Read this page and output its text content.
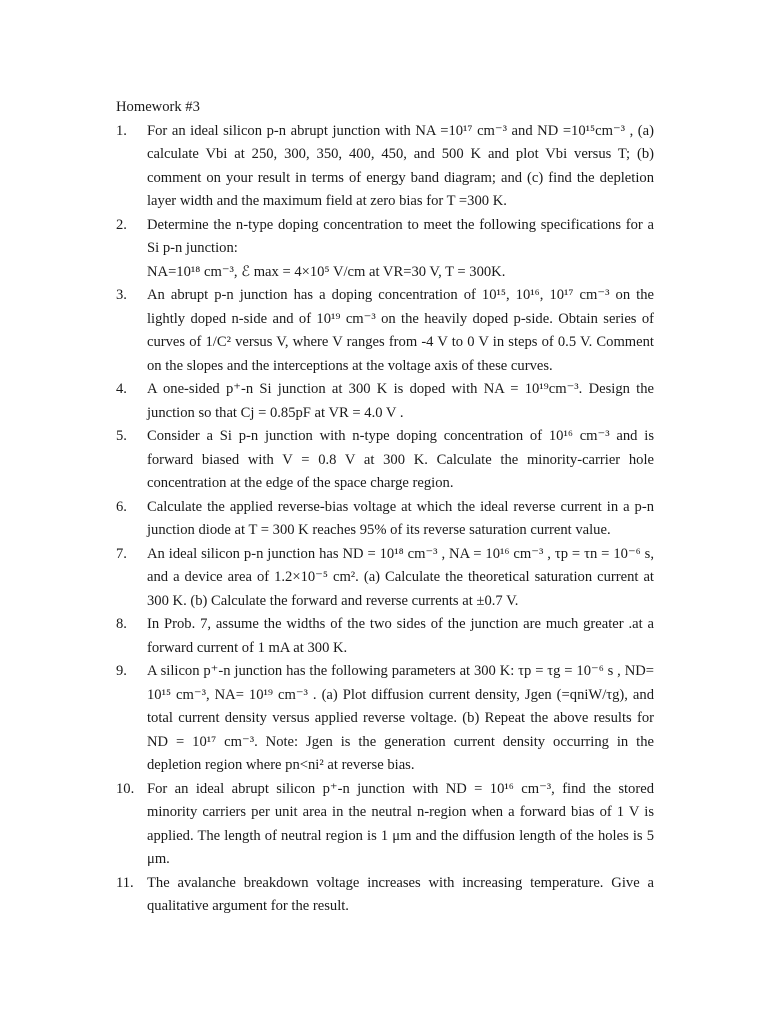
Homework #3

1. For an ideal silicon p-n abrupt junction with NA =10¹⁷ cm⁻³ and ND =10¹⁵cm⁻³ , (a) calculate Vbi at 250, 300, 350, 400, 450, and 500 K and plot Vbi versus T; (b) comment on your result in terms of energy band diagram; and (c) find the depletion layer width and the maximum field at zero bias for T =300 K.
2. Determine the n-type doping concentration to meet the following specifications for a Si p-n junction:
NA=10¹⁸ cm⁻³, ℰ max = 4×10⁵ V/cm at VR=30 V, T = 300K.
3. An abrupt p-n junction has a doping concentration of 10¹⁵, 10¹⁶, 10¹⁷ cm⁻³ on the lightly doped n-side and of 10¹⁹ cm⁻³ on the heavily doped p-side. Obtain series of curves of 1/C² versus V, where V ranges from -4 V to 0 V in steps of 0.5 V. Comment on the slopes and the interceptions at the voltage axis of these curves.
4. A one-sided p⁺-n Si junction at 300 K is doped with NA = 10¹⁹cm⁻³. Design the junction so that Cj = 0.85pF at VR = 4.0 V .
5. Consider a Si p-n junction with n-type doping concentration of 10¹⁶ cm⁻³ and is forward biased with V = 0.8 V at 300 K. Calculate the minority-carrier hole concentration at the edge of the space charge region.
6. Calculate the applied reverse-bias voltage at which the ideal reverse current in a p-n junction diode at T = 300 K reaches 95% of its reverse saturation current value.
7. An ideal silicon p-n junction has ND = 10¹⁸ cm⁻³ , NA = 10¹⁶ cm⁻³ , τp = τn = 10⁻⁶ s, and a device area of 1.2×10⁻⁵ cm². (a) Calculate the theoretical saturation current at 300 K. (b) Calculate the forward and reverse currents at ±0.7 V.
8. In Prob. 7, assume the widths of the two sides of the junction are much greater .at a forward current of 1 mA at 300 K.
9. A silicon p⁺-n junction has the following parameters at 300 K: τp = τg = 10⁻⁶ s , ND= 10¹⁵ cm⁻³, NA= 10¹⁹ cm⁻³ . (a) Plot diffusion current density, Jgen (=qniW/τg), and total current density versus applied reverse voltage. (b) Repeat the above results for ND = 10¹⁷ cm⁻³. Note: Jgen is the generation current density occurring in the depletion region where pn<ni² at reverse bias.
10. For an ideal abrupt silicon p⁺-n junction with ND = 10¹⁶ cm⁻³, find the stored minority carriers per unit area in the neutral n-region when a forward bias of 1 V is applied. The length of neutral region is 1 μm and the diffusion length of the holes is 5 μm.
11. The avalanche breakdown voltage increases with increasing temperature. Give a qualitative argument for the result.
